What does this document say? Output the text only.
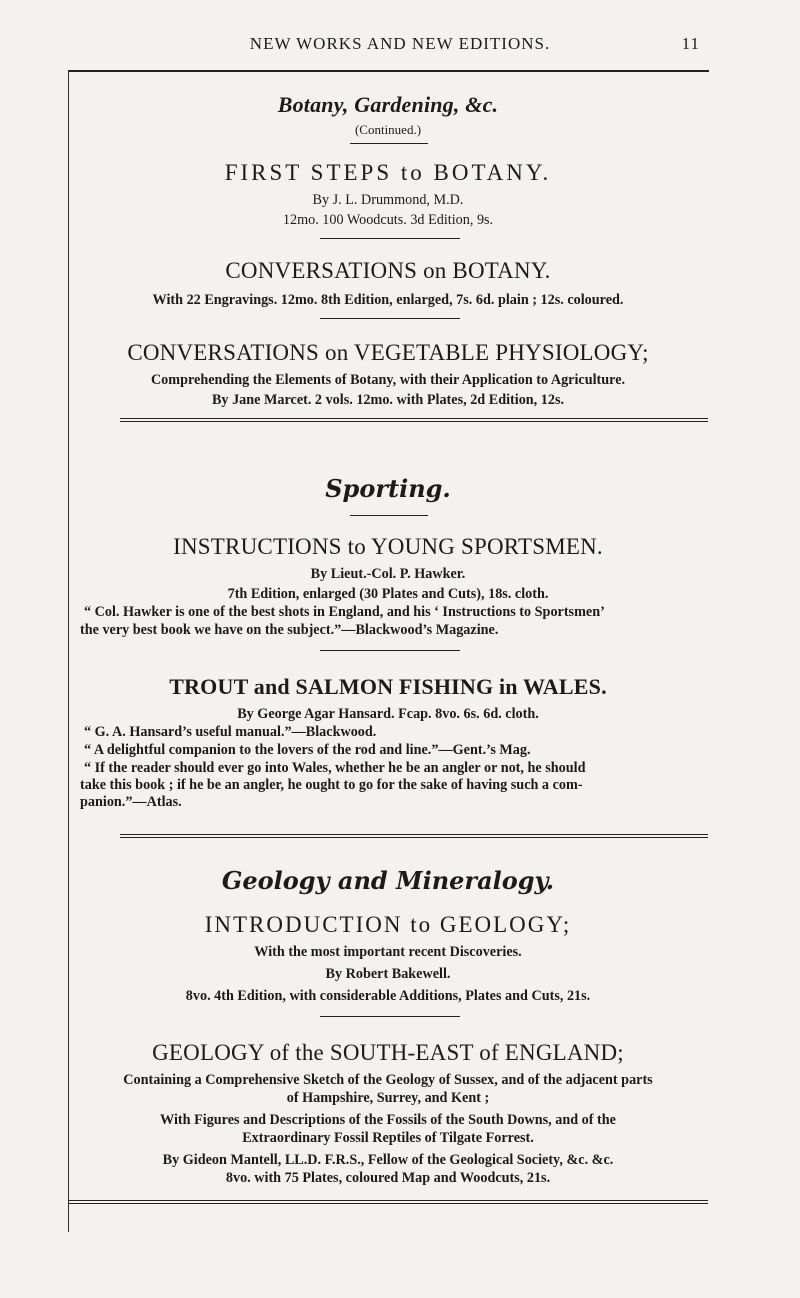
NEW WORKS AND NEW EDITIONS.	11
Botany, Gardening, &c.
(Continued.)
FIRST STEPS to BOTANY.
By J. L. Drummond, M.D.
12mo. 100 Woodcuts. 3d Edition, 9s.
CONVERSATIONS on BOTANY.
With 22 Engravings. 12mo. 8th Edition, enlarged, 7s. 6d. plain ; 12s. coloured.
CONVERSATIONS on VEGETABLE PHYSIOLOGY;
Comprehending the Elements of Botany, with their Application to Agriculture.
By Jane Marcet. 2 vols. 12mo. with Plates, 2d Edition, 12s.
Sporting.
INSTRUCTIONS to YOUNG SPORTSMEN.
By Lieut.-Col. P. Hawker.
7th Edition, enlarged (30 Plates and Cuts), 18s. cloth.
“ Col. Hawker is one of the best shots in England, and his ‘ Instructions to Sportsmen’
the very best book we have on the subject.”—Blackwood’s Magazine.
TROUT and SALMON FISHING in WALES.
By George Agar Hansard. Fcap. 8vo. 6s. 6d. cloth.
“ G. A. Hansard’s useful manual.”—Blackwood.
“ A delightful companion to the lovers of the rod and line.”—Gent.’s Mag.
“ If the reader should ever go into Wales, whether he be an angler or not, he should
take this book ; if he be an angler, he ought to go for the sake of having such a com-
panion.”—Atlas.
Geology and Mineralogy.
INTRODUCTION to GEOLOGY;
With the most important recent Discoveries.
By Robert Bakewell.
8vo. 4th Edition, with considerable Additions, Plates and Cuts, 21s.
GEOLOGY of the SOUTH-EAST of ENGLAND;
Containing a Comprehensive Sketch of the Geology of Sussex, and of the adjacent parts
of Hampshire, Surrey, and Kent ;
With Figures and Descriptions of the Fossils of the South Downs, and of the
Extraordinary Fossil Reptiles of Tilgate Forrest.
By Gideon Mantell, LL.D. F.R.S., Fellow of the Geological Society, &c. &c.
8vo. with 75 Plates, coloured Map and Woodcuts, 21s.
